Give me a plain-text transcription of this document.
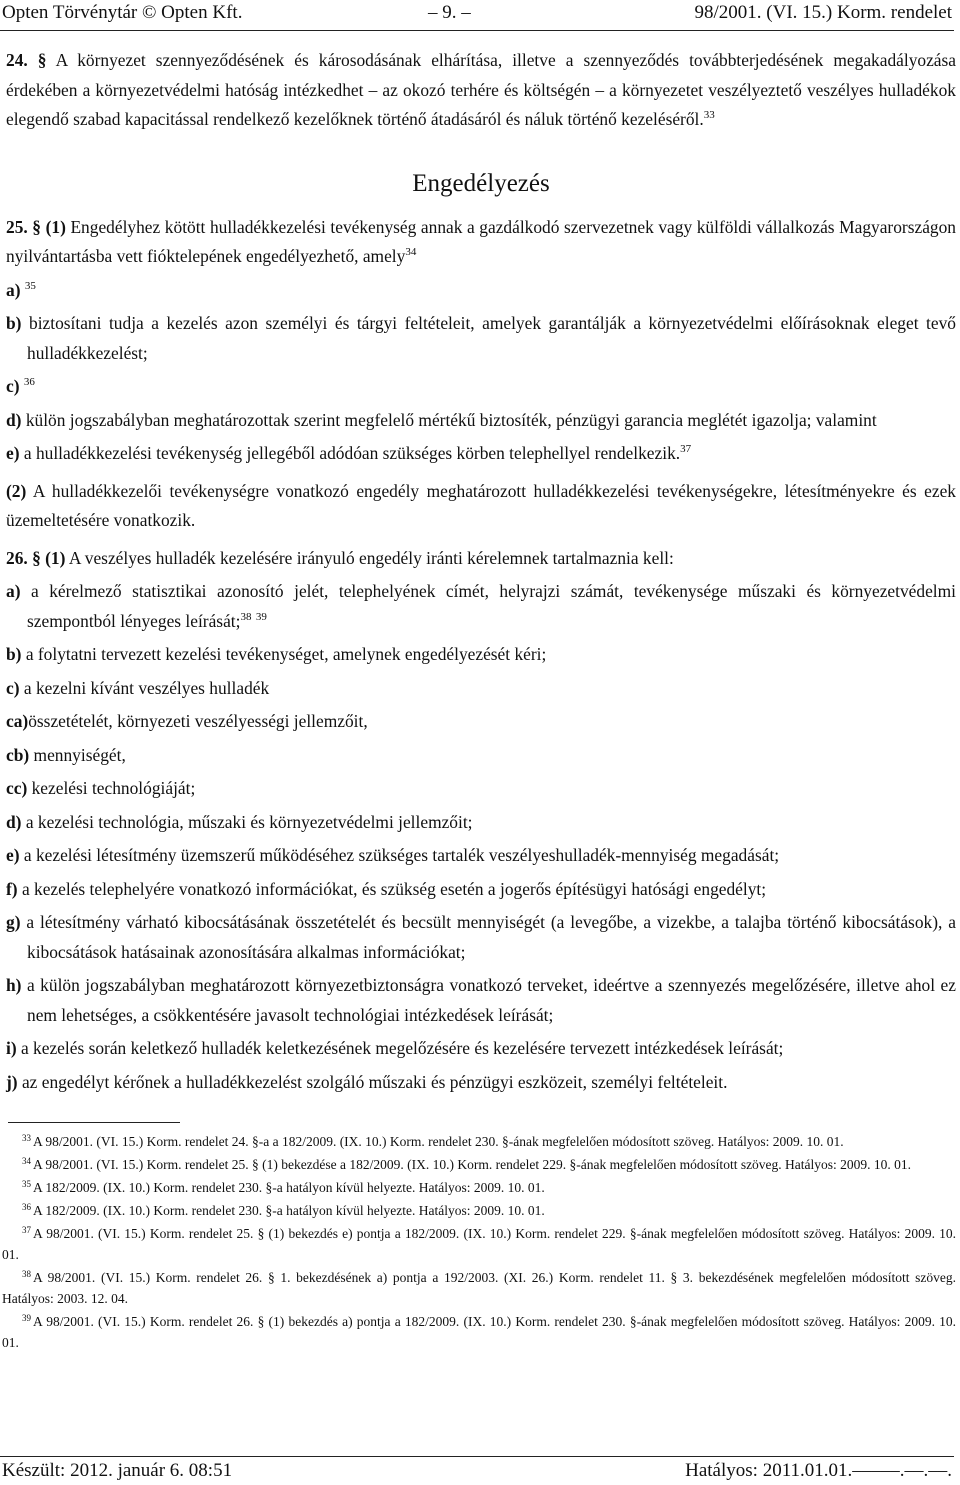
Opten Törvénytár © Opten Kft.	– 9. –	98/2001. (VI. 15.) Korm. rendelet

24. § A környezet szennyeződésének és károsodásának elhárítása, illetve a szennyeződés továbbterjedésének megakadályozása érdekében a környezetvédelmi hatóság intézkedhet – az okozó terhére és költségén – a környezetet veszélyeztető veszélyes hulladékok elegendő szabad kapacitással rendelkező kezelőknek történő átadásáról és náluk történő kezeléséről.$^{33}$

Engedélyezés

25. § (1) Engedélyhez kötött hulladékkezelési tevékenység annak a gazdálkodó szervezetnek vagy külföldi vállalkozás Magyarországon nyilvántartásba vett fióktelepének engedélyezhető, amely$^{34}$

a) $^{35}$

b) biztosítani tudja a kezelés azon személyi és tárgyi feltételeit, amelyek garantálják a környezetvédelmi előírásoknak eleget tevő hulladékkezelést;

c) $^{36}$

d) külön jogszabályban meghatározottak szerint megfelelő mértékű biztosíték, pénzügyi garancia meglétét igazolja; valamint

e) a hulladékkezelési tevékenység jellegéből adódóan szükséges körben telephellyel rendelkezik.$^{37}$

(2) A hulladékkezelői tevékenységre vonatkozó engedély meghatározott hulladékkezelési tevékenységekre, létesítményekre és ezek üzemeltetésére vonatkozik.

26. § (1) A veszélyes hulladék kezelésére irányuló engedély iránti kérelemnek tartalmaznia kell:

a) a kérelmező statisztikai azonosító jelét, telephelyének címét, helyrajzi számát, tevékenysége műszaki és környezetvédelmi szempontból lényeges leírását;$^{38}$ $^{39}$

b) a folytatni tervezett kezelési tevékenységet, amelynek engedélyezését kéri;

c) a kezelni kívánt veszélyes hulladék

ca)összetételét, környezeti veszélyességi jellemzőit,

cb) mennyiségét,

cc) kezelési technológiáját;

d) a kezelési technológia, műszaki és környezetvédelmi jellemzőit;

e) a kezelési létesítmény üzemszerű működéséhez szükséges tartalék veszélyeshulladék-mennyiség megadását;

f) a kezelés telephelyére vonatkozó információkat, és szükség esetén a jogerős építésügyi hatósági engedélyt;

g) a létesítmény várható kibocsátásának összetételét és becsült mennyiségét (a levegőbe, a vizekbe, a talajba történő kibocsátások), a kibocsátások hatásainak azonosítására alkalmas információkat;

h) a külön jogszabályban meghatározott környezetbiztonságra vonatkozó terveket, ideértve a szennyezés megelőzésére, illetve ahol ez nem lehetséges, a csökkentésére javasolt technológiai intézkedések leírását;

i) a kezelés során keletkező hulladék keletkezésének megelőzésére és kezelésére tervezett intézkedések leírását;

j) az engedélyt kérőnek a hulladékkezelést szolgáló műszaki és pénzügyi eszközeit, személyi feltételeit.

$^{33}$ A 98/2001. (VI. 15.) Korm. rendelet 24. §-a a 182/2009. (IX. 10.) Korm. rendelet 230. §-ának megfelelően módosított szöveg. Hatályos: 2009. 10. 01.

$^{34}$ A 98/2001. (VI. 15.) Korm. rendelet 25. § (1) bekezdése a 182/2009. (IX. 10.) Korm. rendelet 229. §-ának megfelelően módosított szöveg. Hatályos: 2009. 10. 01.

$^{35}$ A 182/2009. (IX. 10.) Korm. rendelet 230. §-a hatályon kívül helyezte. Hatályos: 2009. 10. 01.

$^{36}$ A 182/2009. (IX. 10.) Korm. rendelet 230. §-a hatályon kívül helyezte. Hatályos: 2009. 10. 01.

$^{37}$ A 98/2001. (VI. 15.) Korm. rendelet 25. § (1) bekezdés e) pontja a 182/2009. (IX. 10.) Korm. rendelet 229. §-ának megfelelően módosított szöveg. Hatályos: 2009. 10. 01.

$^{38}$ A 98/2001. (VI. 15.) Korm. rendelet 26. § 1. bekezdésének a) pontja a 192/2003. (XI. 26.) Korm. rendelet 11. § 3. bekezdésének megfelelően módosított szöveg. Hatályos: 2003. 12. 04.

$^{39}$ A 98/2001. (VI. 15.) Korm. rendelet 26. § (1) bekezdés a) pontja a 182/2009. (IX. 10.) Korm. rendelet 230. §-ának megfelelően módosított szöveg. Hatályos: 2009. 10. 01.

Készült: 2012. január 6. 08:51	Hatályos: 2011.01.01.–––––.––.––.
